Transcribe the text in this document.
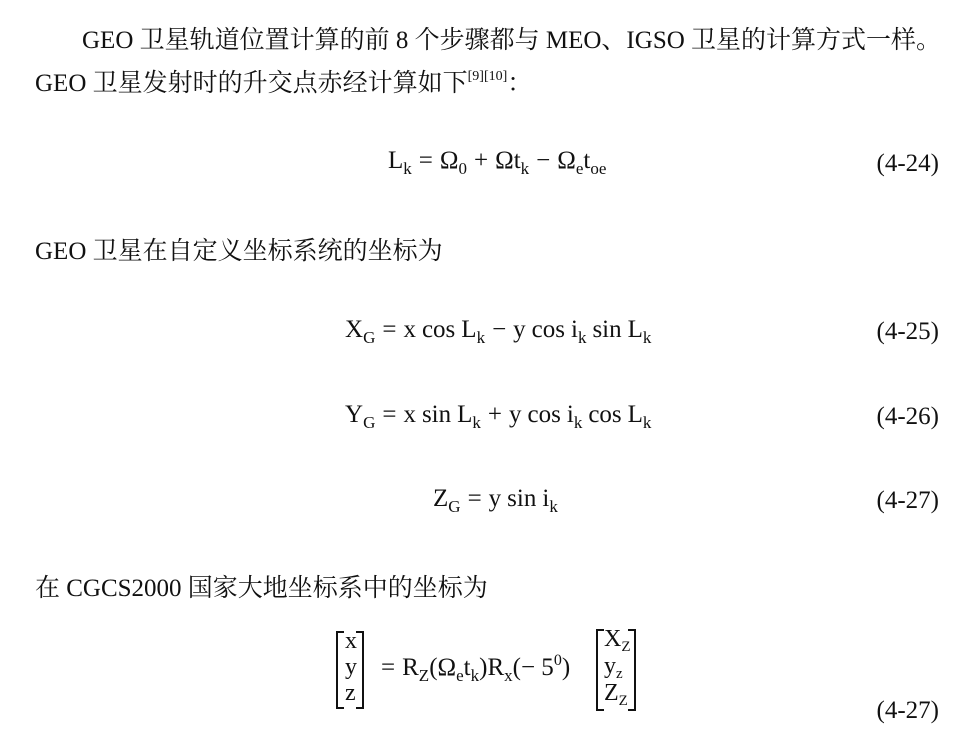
GEO 卫星轨道位置计算的前 8 个步骤都与 MEO、IGSO 卫星的计算方式一样。
GEO 卫星发射时的升交点赤经计算如下[9][10]：
$L_k = \Omega_0 + \Omega t_k - \Omega_et_{oe}$	(4-24)
GEO 卫星在自定义坐标系统的坐标为
$X_G = x$ $\cos L_k - y$ $\cos i_k$ $\sin L_k$	(4-25)
$Y_G = x$ $\sin L_k + y$ $\cos i_k$ $\cos L_k$	(4-26)
$Z_G = y$ $\sin i_k$	(4-27)
在 CGCS2000 国家大地坐标系中的坐标为
x
y
z
= $R_Z(\Omega_et_k)R_x(- 5^0)$
$X_Z$
$y_z$
$Z_Z$	(4-27)
